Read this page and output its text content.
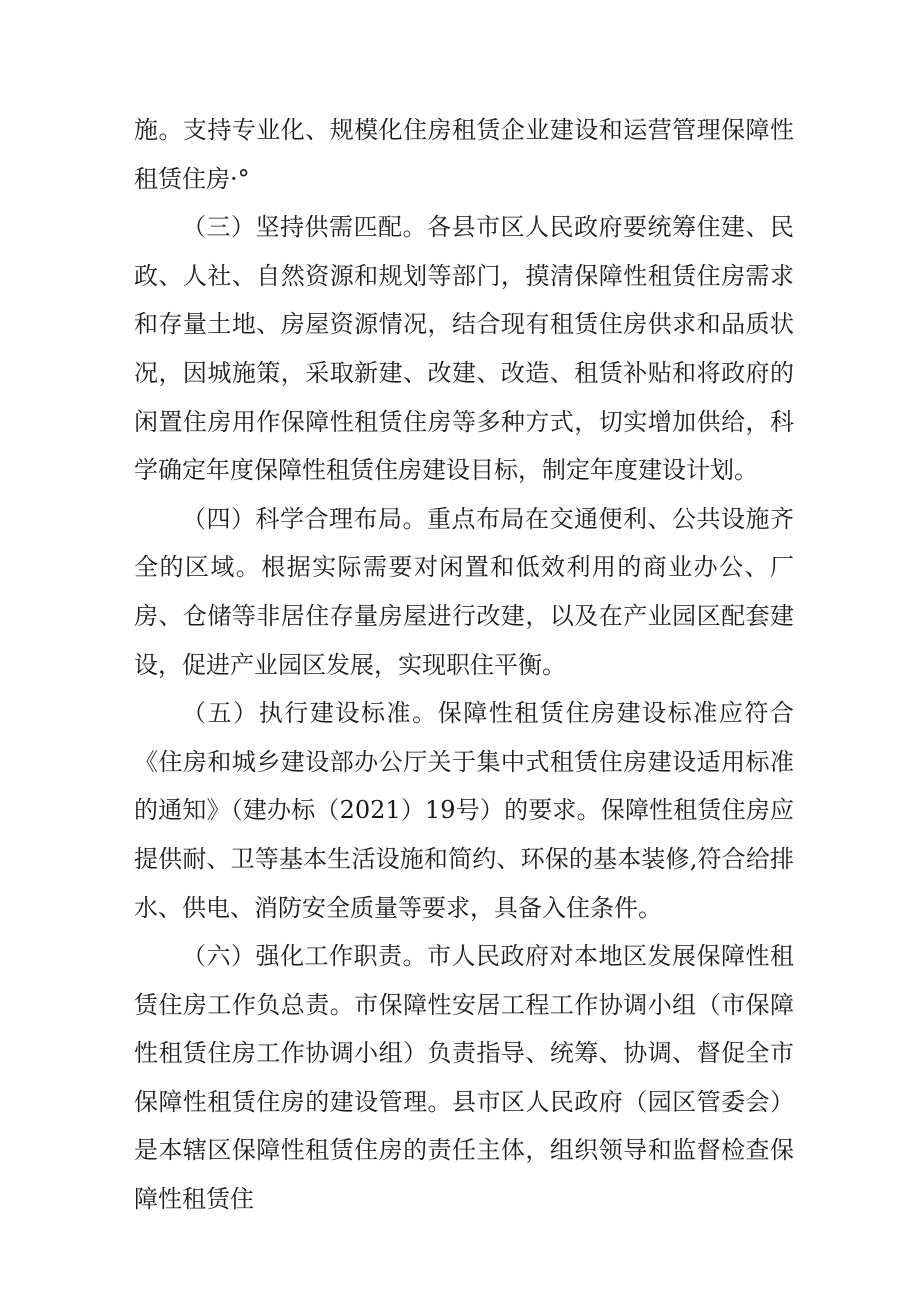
施。支持专业化、规模化住房租赁企业建设和运营管理保障性租赁住房·°

（三）坚持供需匹配。各县市区人民政府要统筹住建、民政、人社、自然资源和规划等部门，摸清保障性租赁住房需求和存量土地、房屋资源情况，结合现有租赁住房供求和品质状况，因城施策，采取新建、改建、改造、租赁补贴和将政府的闲置住房用作保障性租赁住房等多种方式，切实增加供给，科学确定年度保障性租赁住房建设目标，制定年度建设计划。

（四）科学合理布局。重点布局在交通便利、公共设施齐全的区域。根据实际需要对闲置和低效利用的商业办公、厂房、仓储等非居住存量房屋进行改建，以及在产业园区配套建设，促进产业园区发展，实现职住平衡。

（五）执行建设标准。保障性租赁住房建设标准应符合《住房和城乡建设部办公厅关于集中式租赁住房建设适用标准的通知》（建办标（2021）19号）的要求。保障性租赁住房应提供耐、卫等基本生活设施和简约、环保的基本装修,符合给排水、供电、消防安全质量等要求，具备入住条件。

（六）强化工作职责。市人民政府对本地区发展保障性租赁住房工作负总责。市保障性安居工程工作协调小组（市保障性租赁住房工作协调小组）负责指导、统筹、协调、督促全市保障性租赁住房的建设管理。县市区人民政府（园区管委会）是本辖区保障性租赁住房的责任主体，组织领导和监督检查保障性租赁住
